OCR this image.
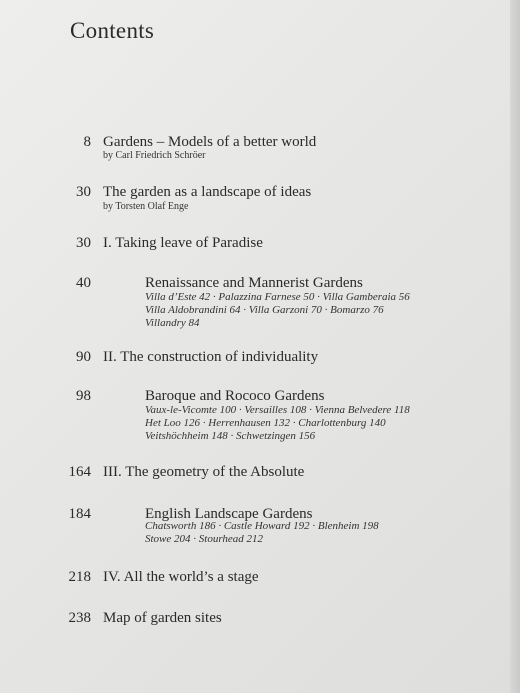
Contents
8 Gardens – Models of a better world
by Carl Friedrich Schröer
30 The garden as a landscape of ideas
by Torsten Olaf Enge
30 I. Taking leave of Paradise
40	Renaissance and Mannerist Gardens
Villa d’Este 42 · Palazzina Farnese 50 · Villa Gamberaia 56
Villa Aldobrandini 64 · Villa Garzoni 70 · Bomarzo 76
Villandry 84
90 II. The construction of individuality
98	Baroque and Rococo Gardens
Vaux-le-Vicomte 100 · Versailles 108 · Vienna Belvedere 118
Het Loo 126 · Herrenhausen 132 · Charlottenburg 140
Veitshöchheim 148 · Schwetzingen 156
164 III. The geometry of the Absolute
184	English Landscape Gardens
Chatsworth 186 · Castle Howard 192 · Blenheim 198
Stowe 204 · Stourhead 212
218 IV. All the world’s a stage
238 Map of garden sites
